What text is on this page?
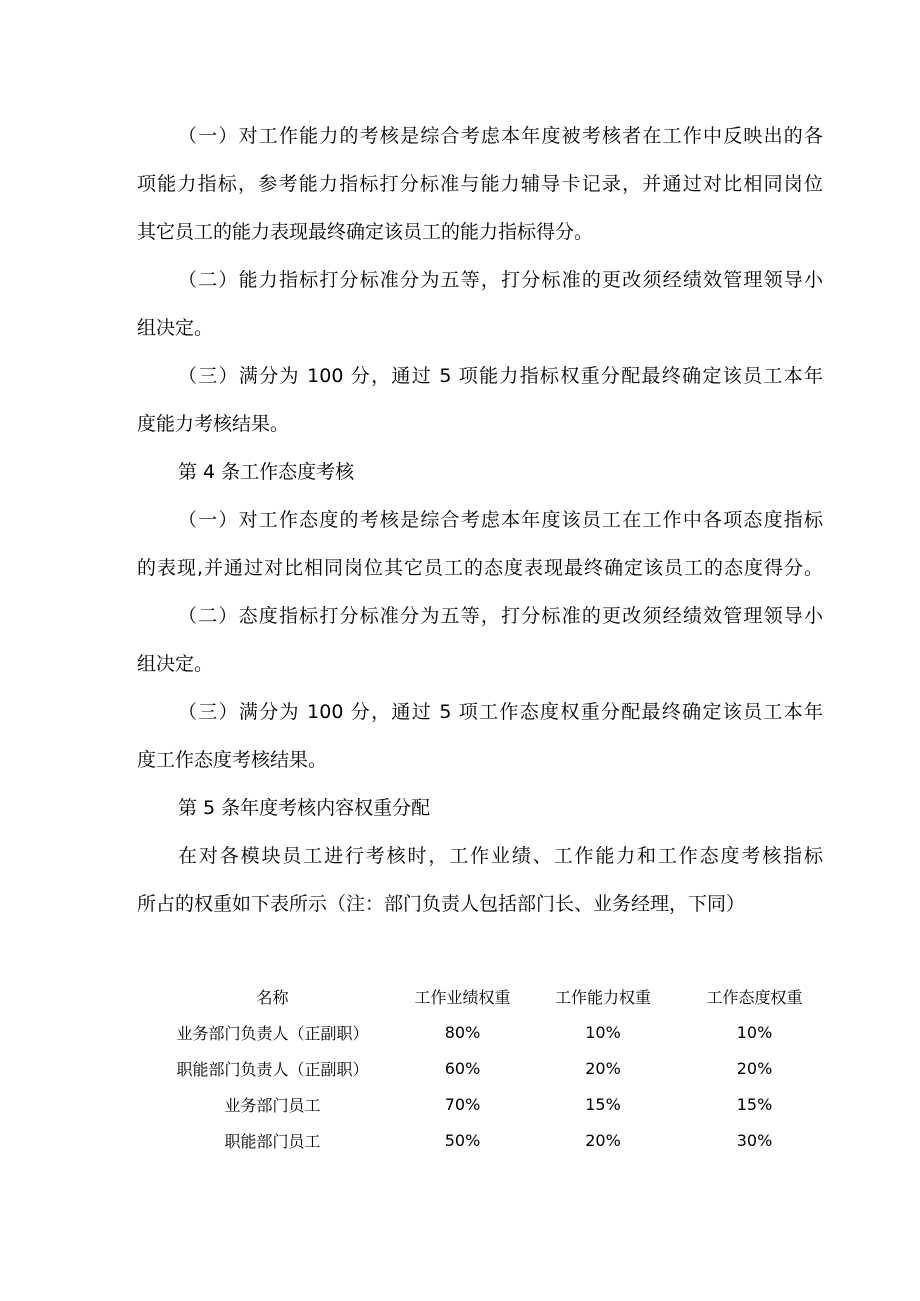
（一）对工作能力的考核是综合考虑本年度被考核者在工作中反映出的各
项能力指标，参考能力指标打分标准与能力辅导卡记录，并通过对比相同岗位
其它员工的能力表现最终确定该员工的能力指标得分。
（二）能力指标打分标准分为五等，打分标准的更改须经绩效管理领导小
组决定。
（三）满分为 100 分，通过 5 项能力指标权重分配最终确定该员工本年
度能力考核结果。
第 4 条工作态度考核
（一）对工作态度的考核是综合考虑本年度该员工在工作中各项态度指标
的表现,并通过对比相同岗位其它员工的态度表现最终确定该员工的态度得分。
（二）态度指标打分标准分为五等，打分标准的更改须经绩效管理领导小
组决定。
（三）满分为 100 分，通过 5 项工作态度权重分配最终确定该员工本年
度工作态度考核结果。
第 5 条年度考核内容权重分配
在对各模块员工进行考核时，工作业绩、工作能力和工作态度考核指标
所占的权重如下表所示（注：部门负责人包括部门长、业务经理，下同）
名称	工作业绩权重	工作能力权重	工作态度权重
业务部门负责人（正副职）	80%	10%	10%
职能部门负责人（正副职）	60%	20%	20%
业务部门员工	70%	15%	15%
职能部门员工	50%	20%	30%
